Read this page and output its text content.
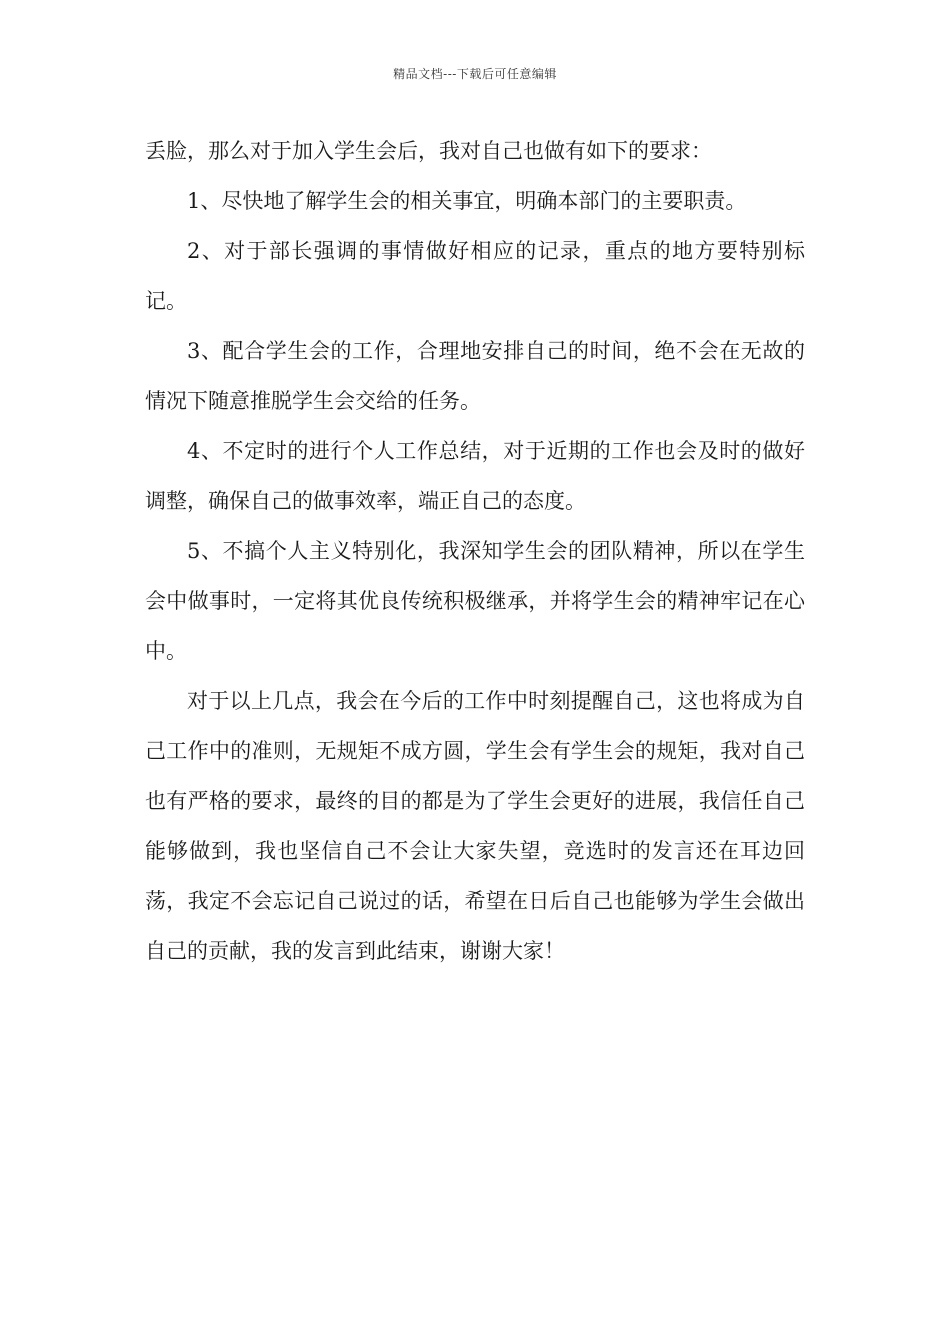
精品文档---下载后可任意编辑

丢脸，那么对于加入学生会后，我对自己也做有如下的要求：

1、尽快地了解学生会的相关事宜，明确本部门的主要职责。

2、对于部长强调的事情做好相应的记录，重点的地方要特别标记。

3、配合学生会的工作，合理地安排自己的时间，绝不会在无故的情况下随意推脱学生会交给的任务。

4、不定时的进行个人工作总结，对于近期的工作也会及时的做好调整，确保自己的做事效率，端正自己的态度。

5、不搞个人主义特别化，我深知学生会的团队精神，所以在学生会中做事时，一定将其优良传统积极继承，并将学生会的精神牢记在心中。

对于以上几点，我会在今后的工作中时刻提醒自己，这也将成为自己工作中的准则，无规矩不成方圆，学生会有学生会的规矩，我对自己也有严格的要求，最终的目的都是为了学生会更好的进展，我信任自己能够做到，我也坚信自己不会让大家失望，竞选时的发言还在耳边回荡，我定不会忘记自己说过的话，希望在日后自己也能够为学生会做出自己的贡献，我的发言到此结束，谢谢大家！
